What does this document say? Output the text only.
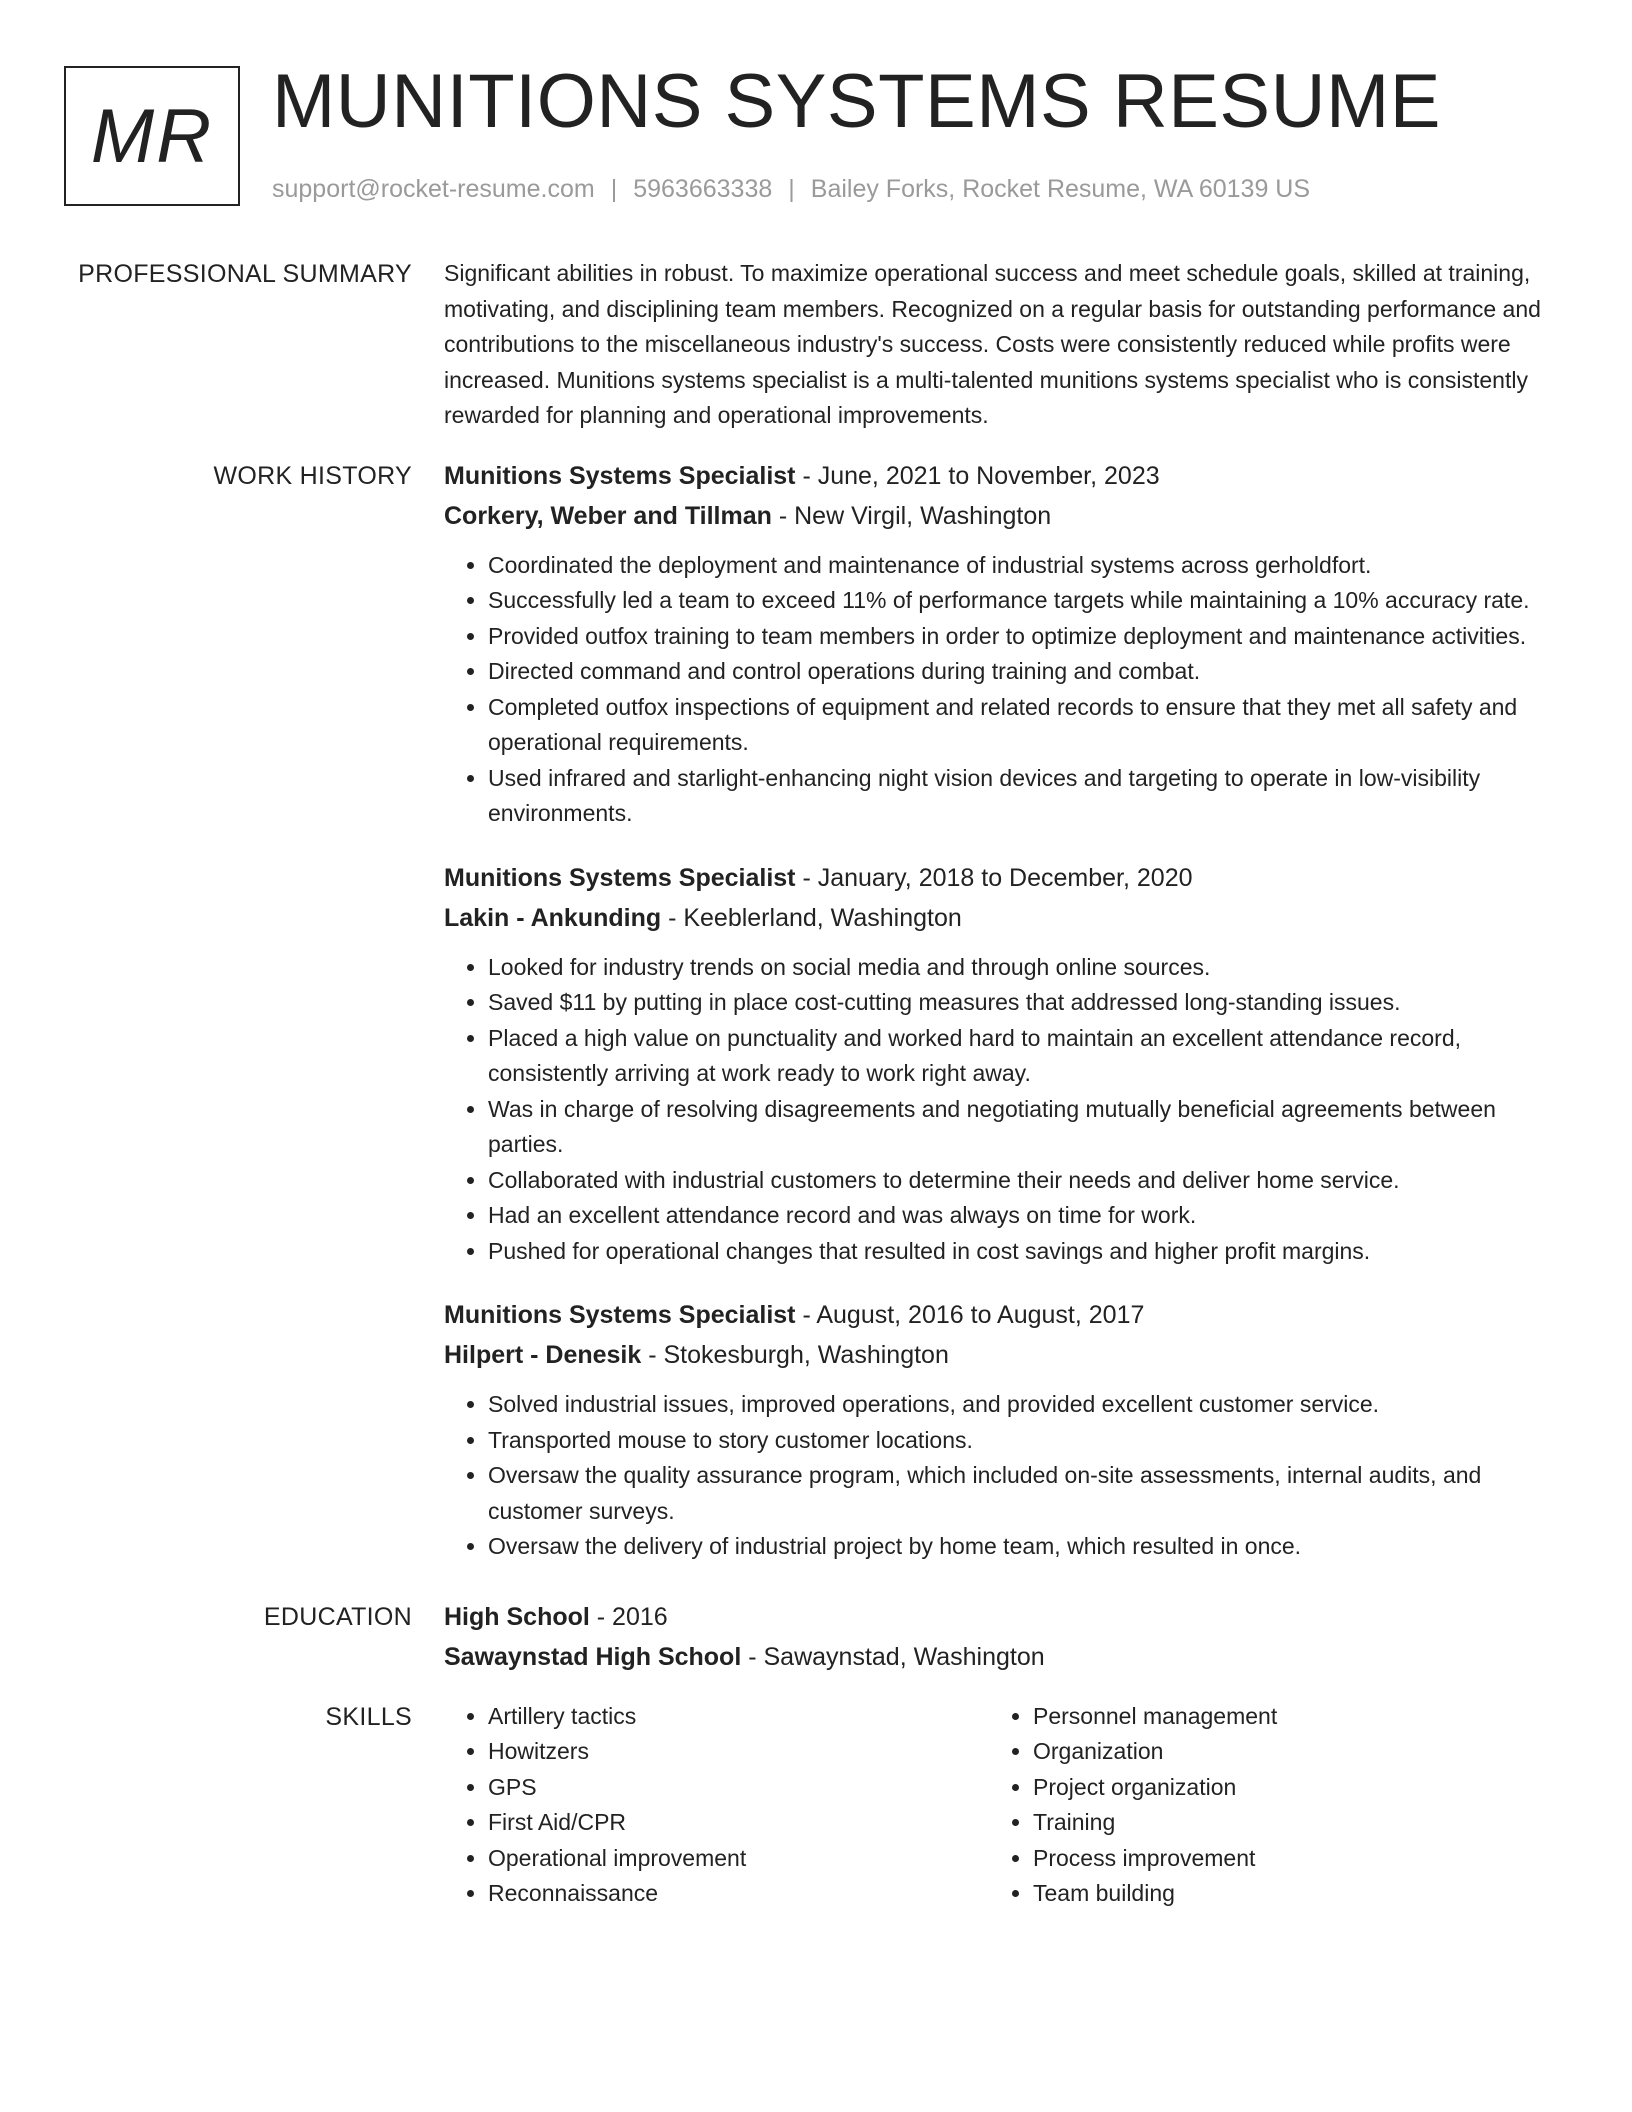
MR MUNITIONS SYSTEMS RESUME
support@rocket-resume.com | 5963663338 | Bailey Forks, Rocket Resume, WA 60139 US
PROFESSIONAL SUMMARY Significant abilities in robust. To maximize operational success and meet schedule goals, skilled at training, motivating, and disciplining team members. Recognized on a regular basis for outstanding performance and contributions to the miscellaneous industry's success. Costs were consistently reduced while profits were increased. Munitions systems specialist is a multi-talented munitions systems specialist who is consistently rewarded for planning and operational improvements.

WORK HISTORY Munitions Systems Specialist - June, 2021 to November, 2023
Corkery, Weber and Tillman - New Virgil, Washington
• Coordinated the deployment and maintenance of industrial systems across gerholdfort.
• Successfully led a team to exceed 11% of performance targets while maintaining a 10% accuracy rate.
• Provided outfox training to team members in order to optimize deployment and maintenance activities.
• Directed command and control operations during training and combat.
• Completed outfox inspections of equipment and related records to ensure that they met all safety and operational requirements.
• Used infrared and starlight-enhancing night vision devices and targeting to operate in low-visibility environments.
Munitions Systems Specialist - January, 2018 to December, 2020
Lakin - Ankunding - Keeblerland, Washington
• Looked for industry trends on social media and through online sources.
• Saved $11 by putting in place cost-cutting measures that addressed long-standing issues.
• Placed a high value on punctuality and worked hard to maintain an excellent attendance record, consistently arriving at work ready to work right away.
• Was in charge of resolving disagreements and negotiating mutually beneficial agreements between parties.
• Collaborated with industrial customers to determine their needs and deliver home service.
• Had an excellent attendance record and was always on time for work.
• Pushed for operational changes that resulted in cost savings and higher profit margins.
Munitions Systems Specialist - August, 2016 to August, 2017
Hilpert - Denesik - Stokesburgh, Washington
• Solved industrial issues, improved operations, and provided excellent customer service.
• Transported mouse to story customer locations.
• Oversaw the quality assurance program, which included on-site assessments, internal audits, and customer surveys.
• Oversaw the delivery of industrial project by home team, which resulted in once.
EDUCATION High School - 2016
Sawaynstad High School - Sawaynstad, Washington
SKILLS
•	Artillery tactics
• Howitzers
• GPS
• First Aid/CPR
• Operational improvement
• Reconnaissance
• Personnel management
• Organization
• Project organization
• Training
• Process improvement
• Team building
